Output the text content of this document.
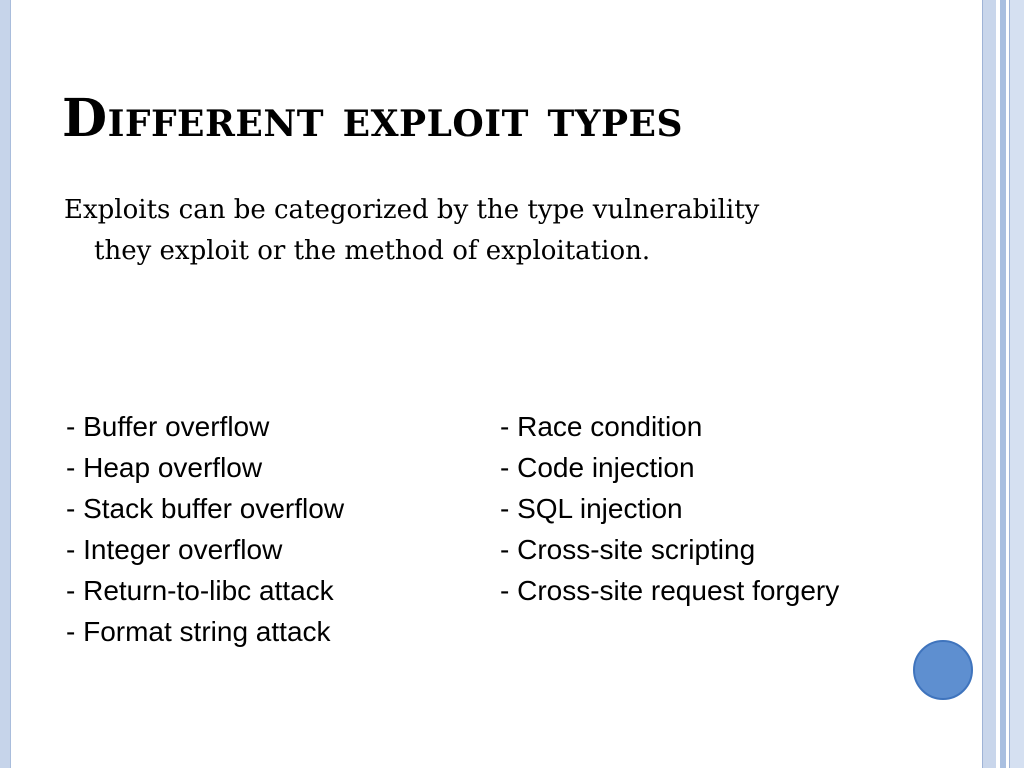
Different exploit types

Exploits can be categorized by the type vulnerability they exploit or the method of exploitation.

- Buffer overflow
- Heap overflow
- Stack buffer overflow
- Integer overflow
- Return-to-libc attack
- Format string attack
- Race condition
- Code injection
- SQL injection
- Cross-site scripting
- Cross-site request forgery
